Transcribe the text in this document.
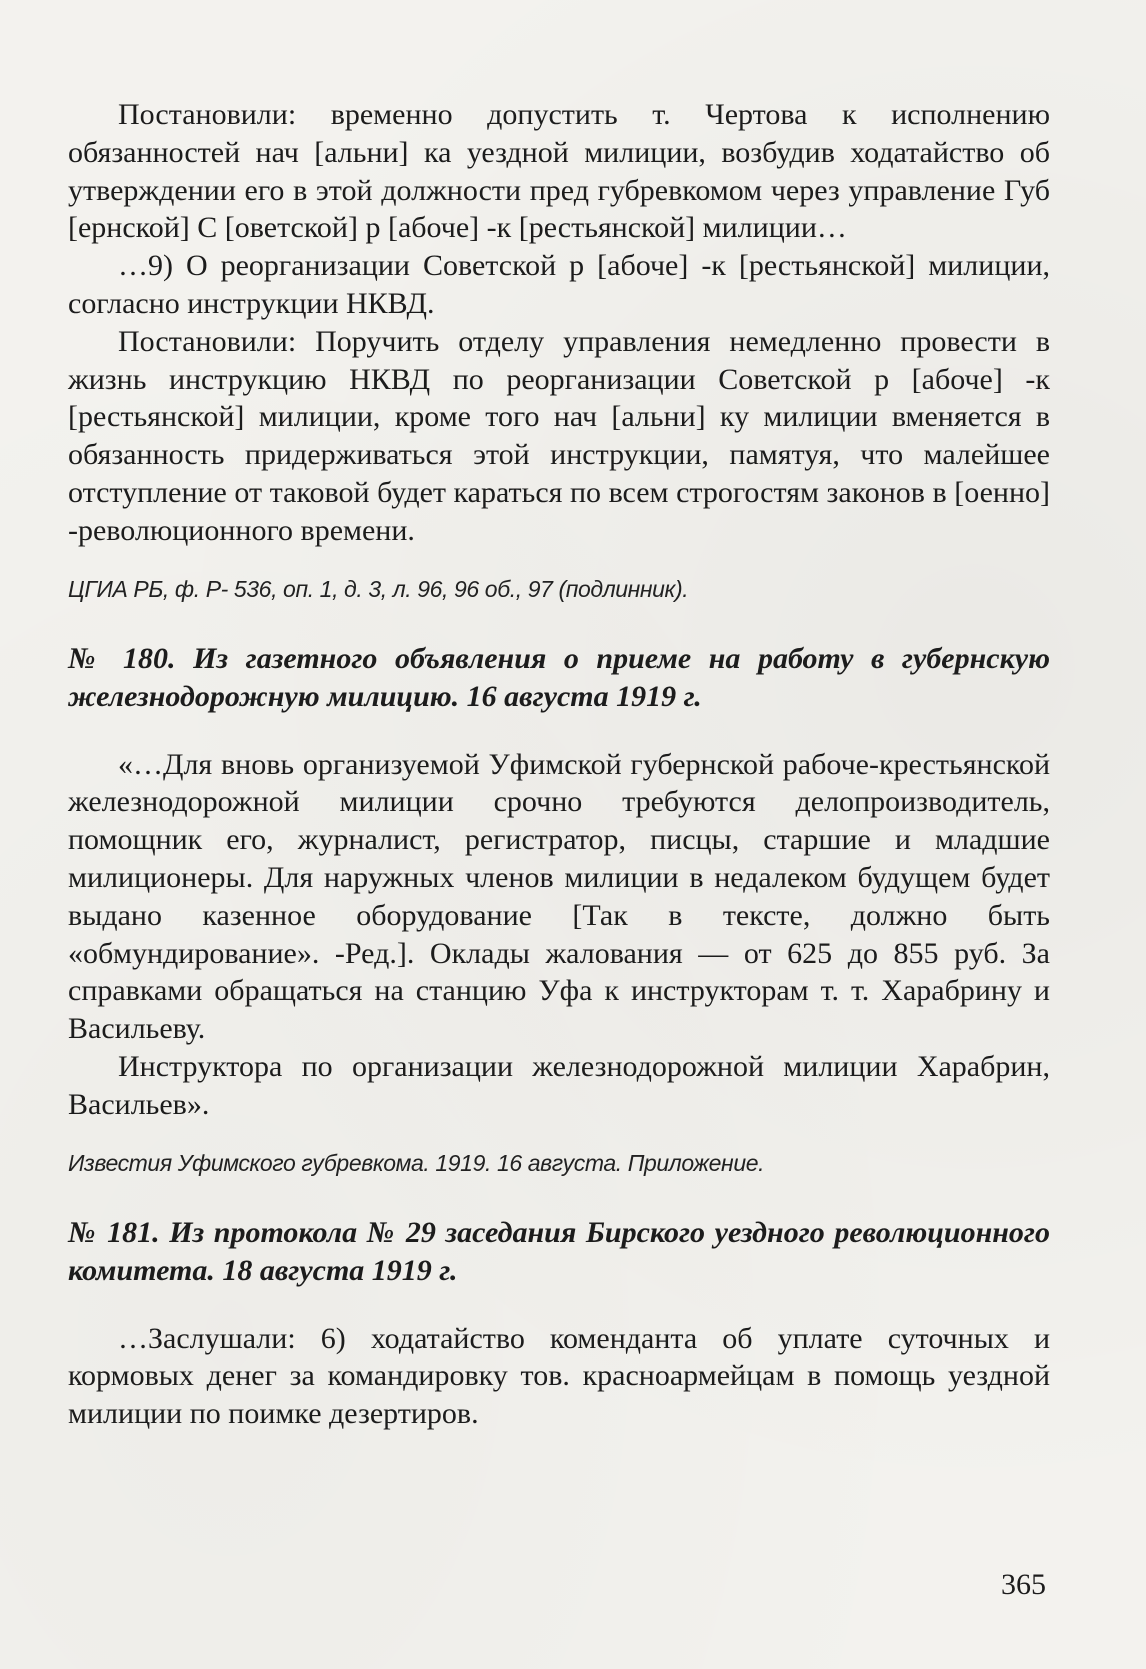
Постановили: временно допустить т. Чертова к исполнению обязанностей нач [альни] ка уездной милиции, возбудив ходатайство об утверждении его в этой должности пред губревкомом через управление Губ [ернской] С [оветской] р [абоче] -к [рестьянской] милиции…

…9) О реорганизации Советской р [абоче] -к [рестьянской] милиции, согласно инструкции НКВД.

Постановили: Поручить отделу управления немедленно провести в жизнь инструкцию НКВД по реорганизации Советской р [абоче] -к [рестьянской] милиции, кроме того нач [альни] ку милиции вменяется в обязанность придерживаться этой инструкции, памятуя, что малейшее отступление от таковой будет караться по всем строгостям законов в [оенно] -революционного времени.

ЦГИА РБ, ф. Р- 536, оп. 1, д. 3, л. 96, 96 об., 97 (подлинник).

№ 180. Из газетного объявления о приеме на работу в губернскую железнодорожную милицию. 16 августа 1919 г.

«…Для вновь организуемой Уфимской губернской рабоче-крестьянской железнодорожной милиции срочно требуются делопроизводитель, помощник его, журналист, регистратор, писцы, старшие и младшие милиционеры. Для наружных членов милиции в недалеком будущем будет выдано казенное оборудование [Так в тексте, должно быть «обмундирование». -Ред.]. Оклады жалования — от 625 до 855 руб. За справками обращаться на станцию Уфа к инструкторам т. т. Харабрину и Васильеву.

Инструктора по организации железнодорожной милиции Харабрин, Васильев».

Известия Уфимского губревкома. 1919. 16 августа. Приложение.

№ 181. Из протокола № 29 заседания Бирского уездного революционного комитета. 18 августа 1919 г.

…Заслушали: 6) ходатайство коменданта об уплате суточных и кормовых денег за командировку тов. красноармейцам в помощь уездной милиции по поимке дезертиров.

365
